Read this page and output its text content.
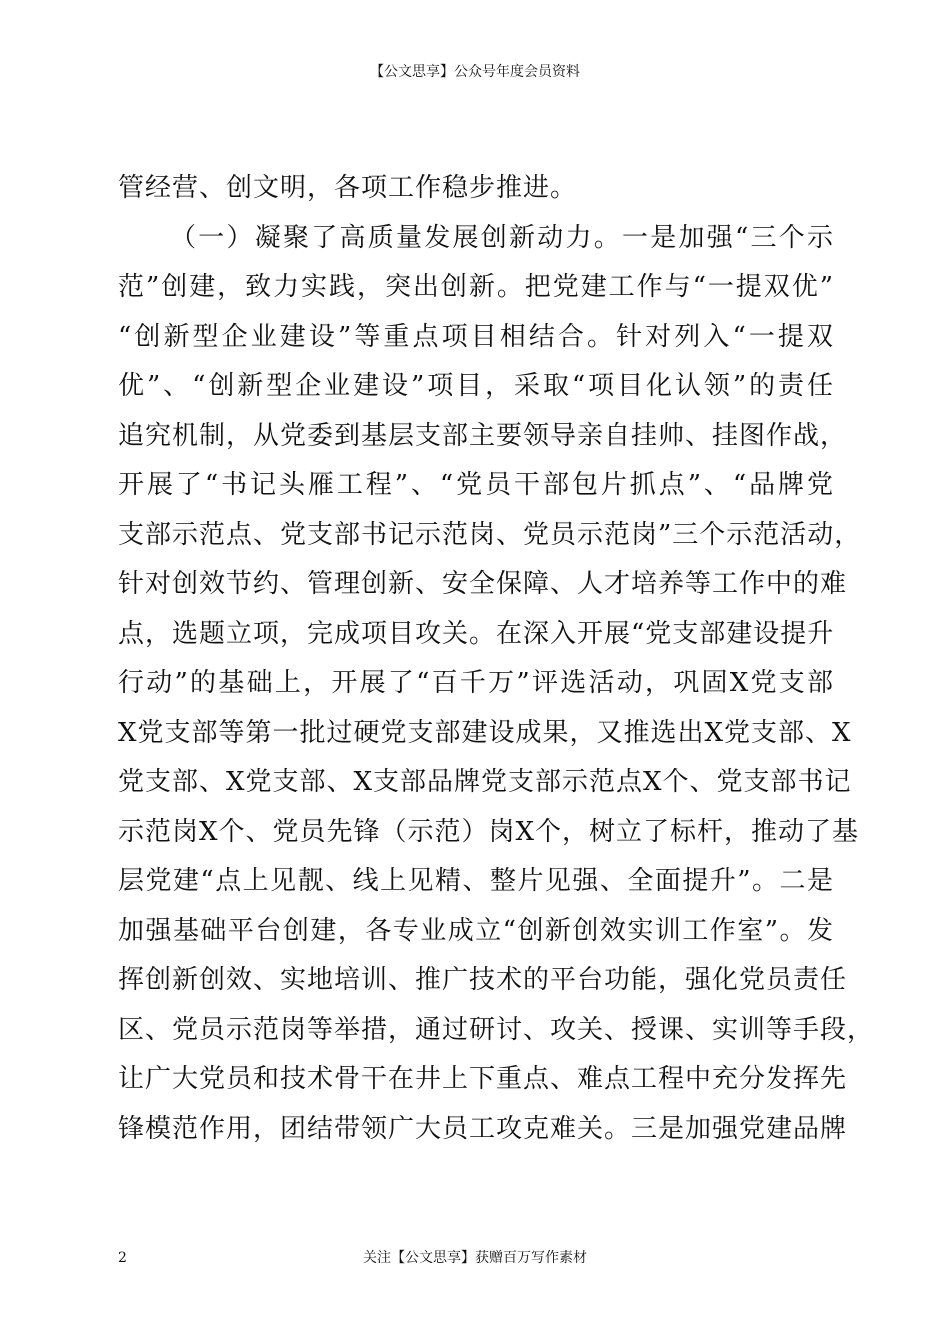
【公文思享】公众号年度会员资料
管经营、创文明，各项工作稳步推进。
（一）凝聚了高质量发展创新动力。一是加强“三个示
范”创建，致力实践，突出创新。把党建工作与“一提双优”
“创新型企业建设”等重点项目相结合。针对列入“一提双
优”、“创新型企业建设”项目，采取“项目化认领”的责任
追究机制，从党委到基层支部主要领导亲自挂帅、挂图作战，
开展了“书记头雁工程”、“党员干部包片抓点”、“品牌党
支部示范点、党支部书记示范岗、党员示范岗”三个示范活动，
针对创效节约、管理创新、安全保障、人才培养等工作中的难
点，选题立项，完成项目攻关。在深入开展“党支部建设提升
行动”的基础上，开展了“百千万”评选活动，巩固X党支部
X党支部等第一批过硬党支部建设成果，又推选出X党支部、X
党支部、X党支部、X支部品牌党支部示范点X个、党支部书记
示范岗X个、党员先锋（示范）岗X个，树立了标杆，推动了基
层党建“点上见靓、线上见精、整片见强、全面提升”。二是
加强基础平台创建，各专业成立“创新创效实训工作室”。发
挥创新创效、实地培训、推广技术的平台功能，强化党员责任
区、党员示范岗等举措，通过研讨、攻关、授课、实训等手段，
让广大党员和技术骨干在井上下重点、难点工程中充分发挥先
锋模范作用，团结带领广大员工攻克难关。三是加强党建品牌
2	关注【公文思享】获赠百万写作素材
